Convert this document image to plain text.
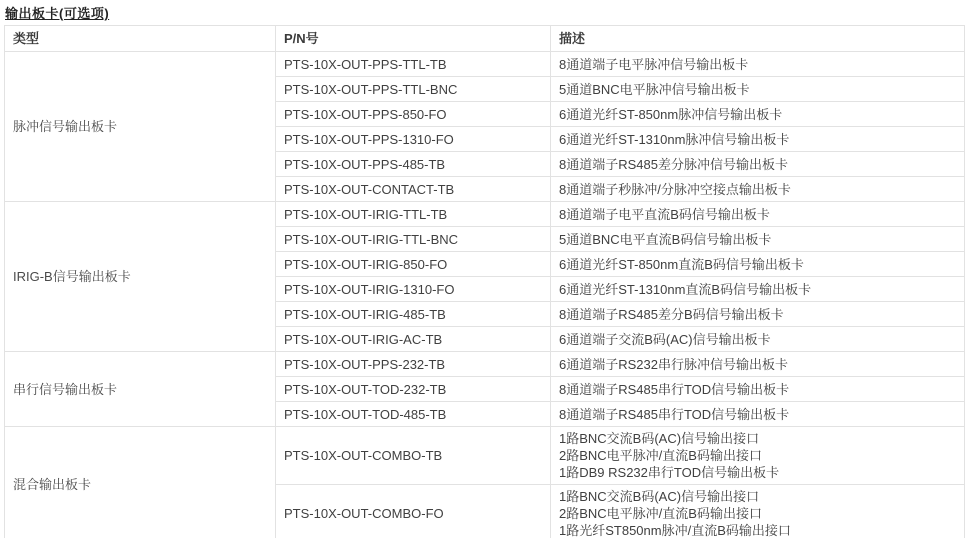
输出板卡(可选项)
类型	P/N号	描述
脉冲信号输出板卡	PTS-10X-OUT-PPS-TTL-TB	8通道端子电平脉冲信号输出板卡
	PTS-10X-OUT-PPS-TTL-BNC	5通道BNC电平脉冲信号输出板卡
	PTS-10X-OUT-PPS-850-FO	6通道光纤ST-850nm脉冲信号输出板卡
	PTS-10X-OUT-PPS-1310-FO	6通道光纤ST-1310nm脉冲信号输出板卡
	PTS-10X-OUT-PPS-485-TB	8通道端子RS485差分脉冲信号输出板卡
	PTS-10X-OUT-CONTACT-TB	8通道端子秒脉冲/分脉冲空接点输出板卡
IRIG-B信号输出板卡	PTS-10X-OUT-IRIG-TTL-TB	8通道端子电平直流B码信号输出板卡
	PTS-10X-OUT-IRIG-TTL-BNC	5通道BNC电平直流B码信号输出板卡
	PTS-10X-OUT-IRIG-850-FO	6通道光纤ST-850nm直流B码信号输出板卡
	PTS-10X-OUT-IRIG-1310-FO	6通道光纤ST-1310nm直流B码信号输出板卡
	PTS-10X-OUT-IRIG-485-TB	8通道端子RS485差分B码信号输出板卡
	PTS-10X-OUT-IRIG-AC-TB	6通道端子交流B码(AC)信号输出板卡
串行信号输出板卡	PTS-10X-OUT-PPS-232-TB	6通道端子RS232串行脉冲信号输出板卡
	PTS-10X-OUT-TOD-232-TB	8通道端子RS485串行TOD信号输出板卡
	PTS-10X-OUT-TOD-485-TB	8通道端子RS485串行TOD信号输出板卡
混合输出板卡	PTS-10X-OUT-COMBO-TB	1路BNC交流B码(AC)信号输出接口
2路BNC电平脉冲/直流B码输出接口
1路DB9 RS232串行TOD信号输出板卡

	PTS-10X-OUT-COMBO-FO	1路BNC交流B码(AC)信号输出接口
2路BNC电平脉冲/直流B码输出接口
1路光纤ST850nm脉冲/直流B码输出接口
